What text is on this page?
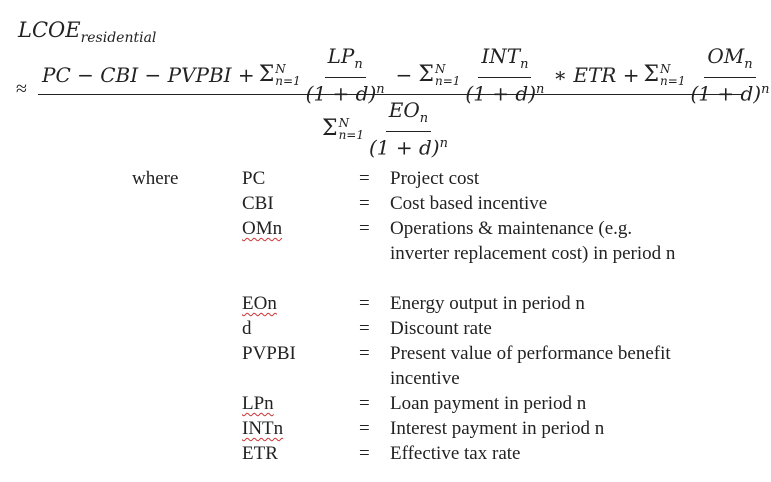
$LCOE_{residential}$
≈
PC − CBI − PVPBI + Σ N
$n=1 \frac{LP_n}{(1 + d)^n} - \Sigma$ N
$n=1 \frac{INT_n}{(1 + d)^n}$ ∗ ETR + Σ N
$n=1 \frac{OM_n}{(1 + d)^n}$
Σ N
$n=1 \frac{EO_n}{(1 + d)^n}$
where	PC	= Project cost
CBI	= Cost based incentive
OMn	= Operations & maintenance (e.g. inverter replacement cost) in period n
EOn	= Energy output in period n
d	= Discount rate
PVPBI	= Present value of performance benefit incentive
LPn	= Loan payment in period n
INTn	= Interest payment in period n
ETR	= Effective tax rate
